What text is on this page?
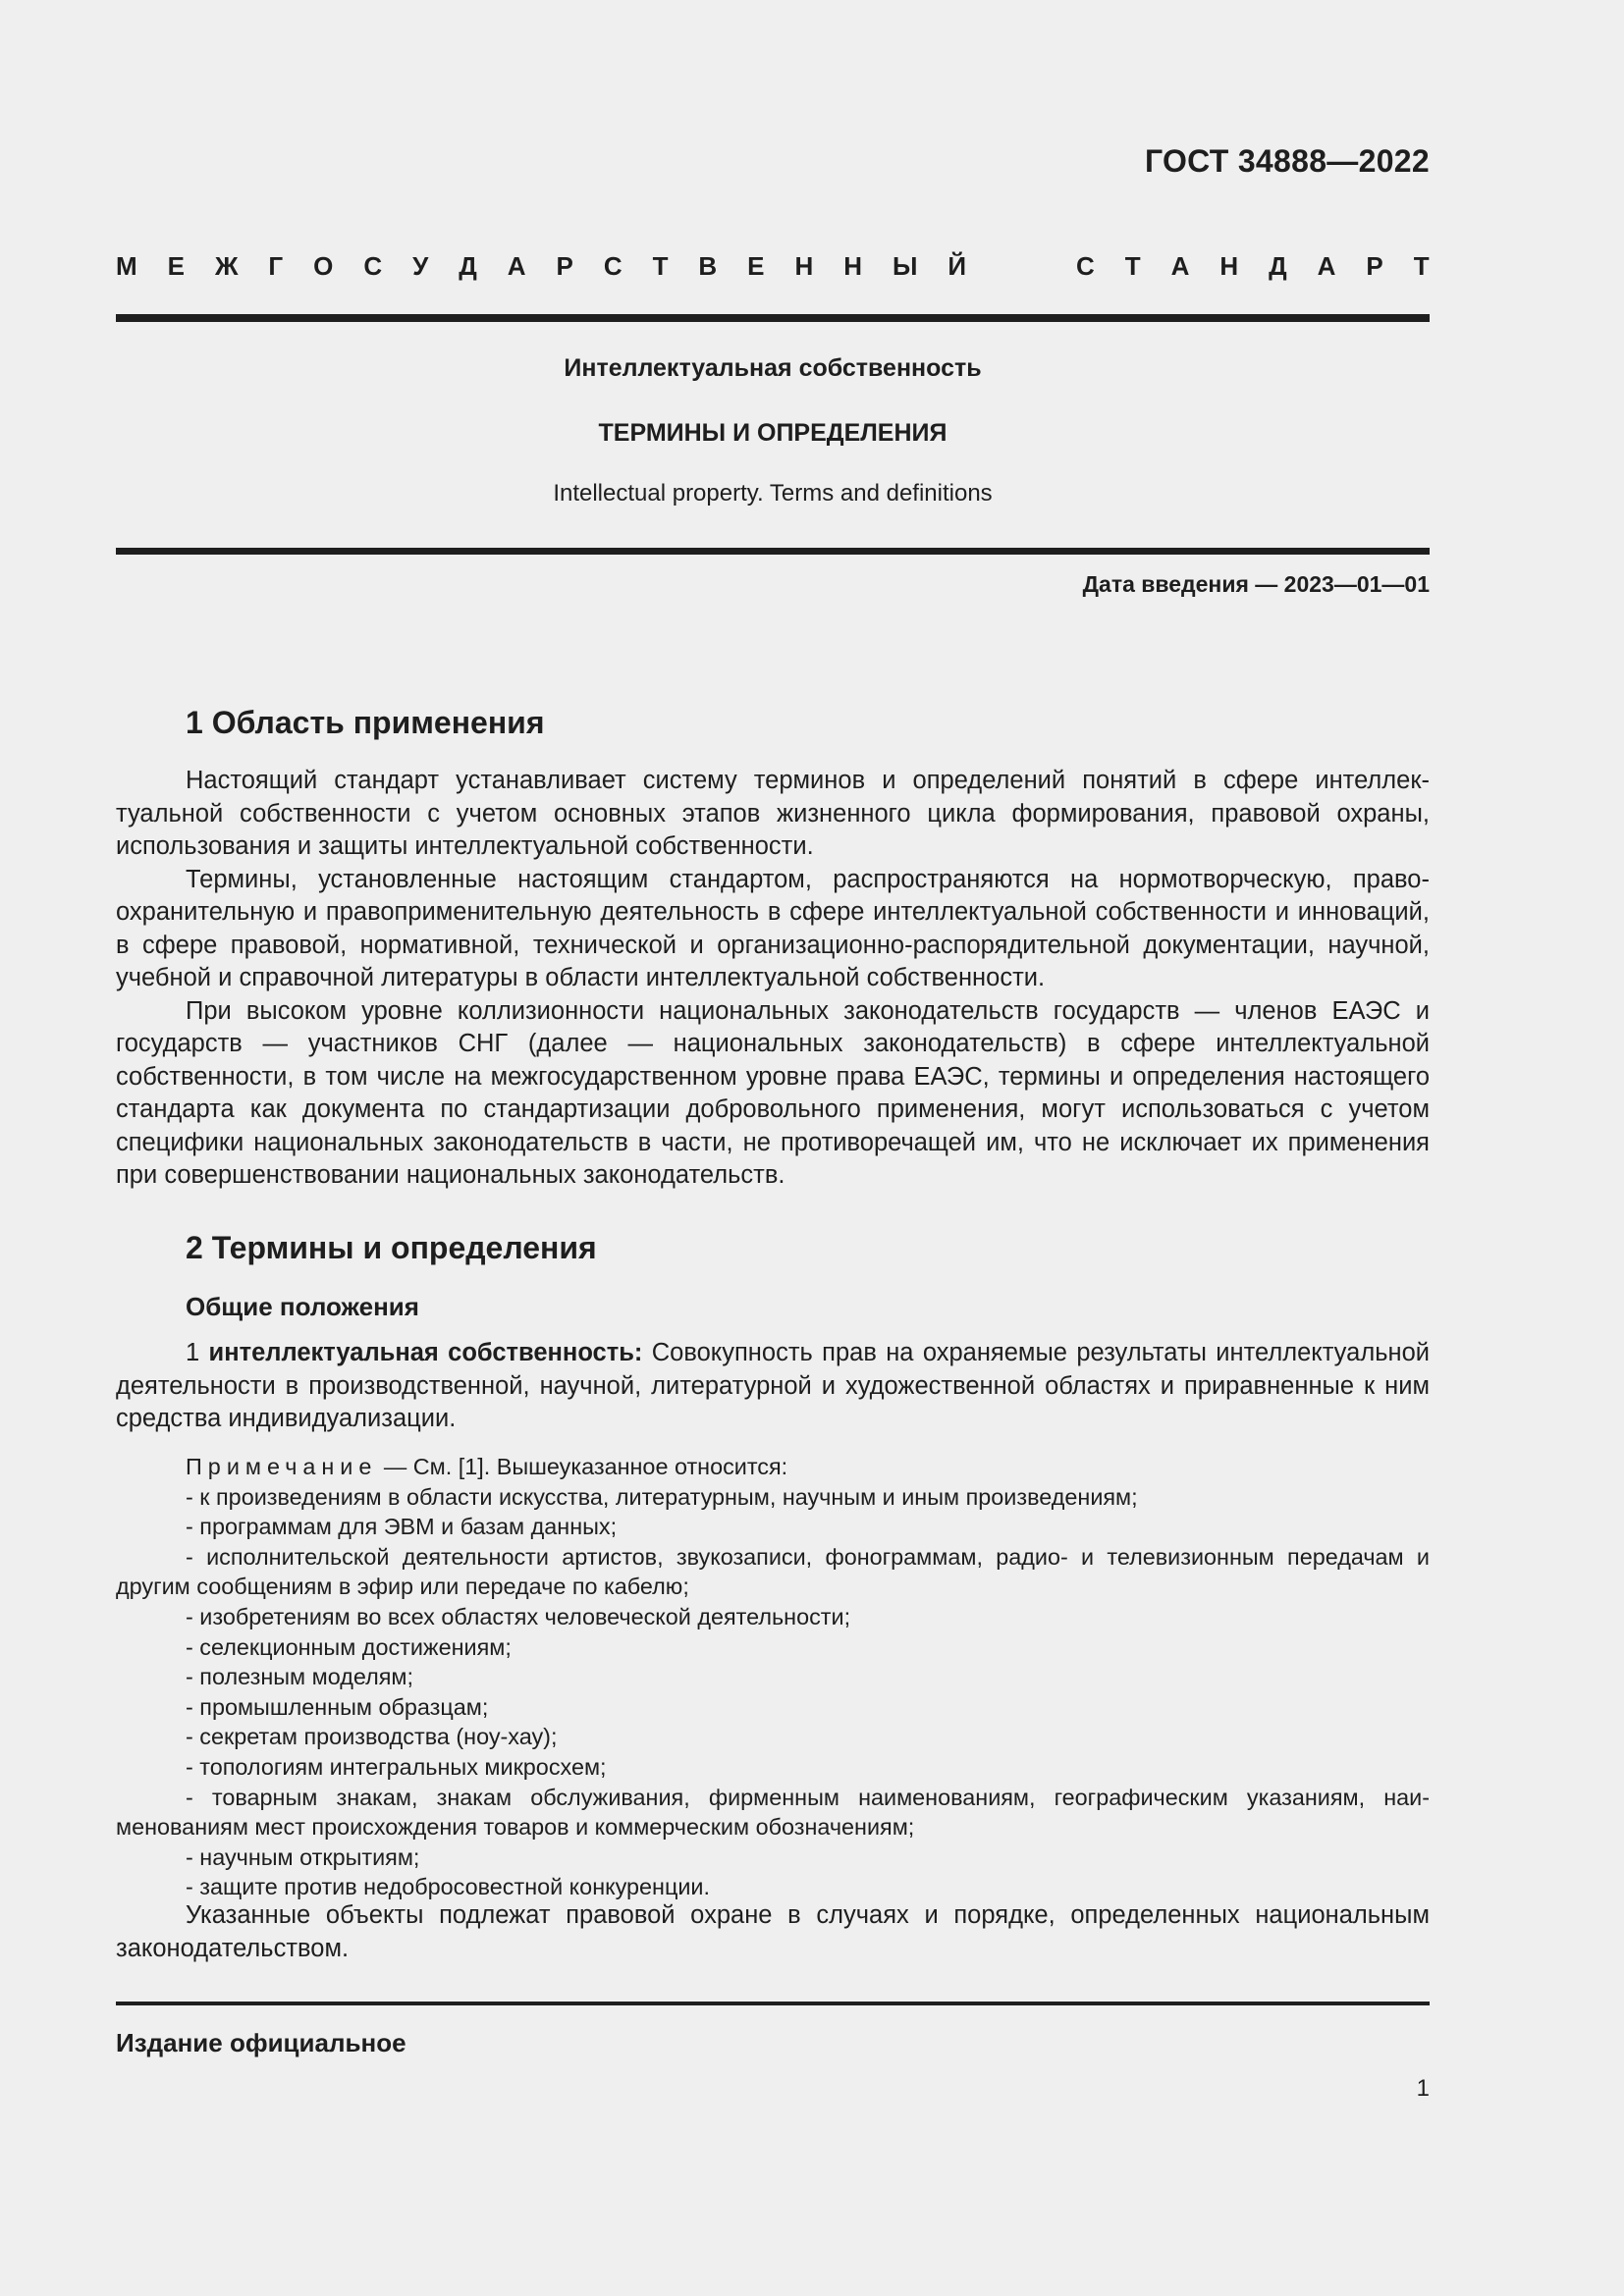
ГОСТ 34888—2022
М Е Ж Г О С У Д А Р С Т В Е Н Н Ы Й	С Т А Н Д А Р Т
Интеллектуальная собственность
ТЕРМИНЫ И ОПРЕДЕЛЕНИЯ
Intellectual property. Terms and definitions
Дата введения — 2023—01—01
1 Область применения

Настоящий стандарт устанавливает систему терминов и определений понятий в сфере интеллектуальной собственности с учетом основных этапов жизненного цикла формирования, правовой охраны, использования и защиты интеллектуальной собственности.

Термины, установленные настоящим стандартом, распространяются на нормотворческую, правоохранительную и правоприменительную деятельность в сфере интеллектуальной собственности и инноваций, в сфере правовой, нормативной, технической и организационно-распорядительной документации, научной, учебной и справочной литературы в области интеллектуальной собственности.

При высоком уровне коллизионности национальных законодательств государств — членов ЕАЭС и государств — участников СНГ (далее — национальных законодательств) в сфере интеллектуальной собственности, в том числе на межгосударственном уровне права ЕАЭС, термины и определения настоящего стандарта как документа по стандартизации добровольного применения, могут использоваться с учетом специфики национальных законодательств в части, не противоречащей им, что не исключает их применения при совершенствовании национальных законодательств.

2 Термины и определения
Общие положения

1 интеллектуальная собственность: Совокупность прав на охраняемые результаты интеллектуальной деятельности в производственной, научной, литературной и художественной областях и приравненные к ним средства индивидуализации.

Примечание — См. [1]. Вышеуказанное относится:

- к произведениям в области искусства, литературным, научным и иным произведениям;

- программам для ЭВМ и базам данных;

- исполнительской деятельности артистов, звукозаписи, фонограммам, радио- и телевизионным передачам и другим сообщениям в эфир или передаче по кабелю;

- изобретениям во всех областях человеческой деятельности;

- селекционным достижениям;

- полезным моделям;

- промышленным образцам;

- секретам производства (ноу-хау);

- топологиям интегральных микросхем;

- товарным знакам, знакам обслуживания, фирменным наименованиям, географическим указаниям, наименованиям мест происхождения товаров и коммерческим обозначениям;

- научным открытиям;

- защите против недобросовестной конкуренции.

Указанные объекты подлежат правовой охране в случаях и порядке, определенных национальным законодательством.

Издание официальное
1
